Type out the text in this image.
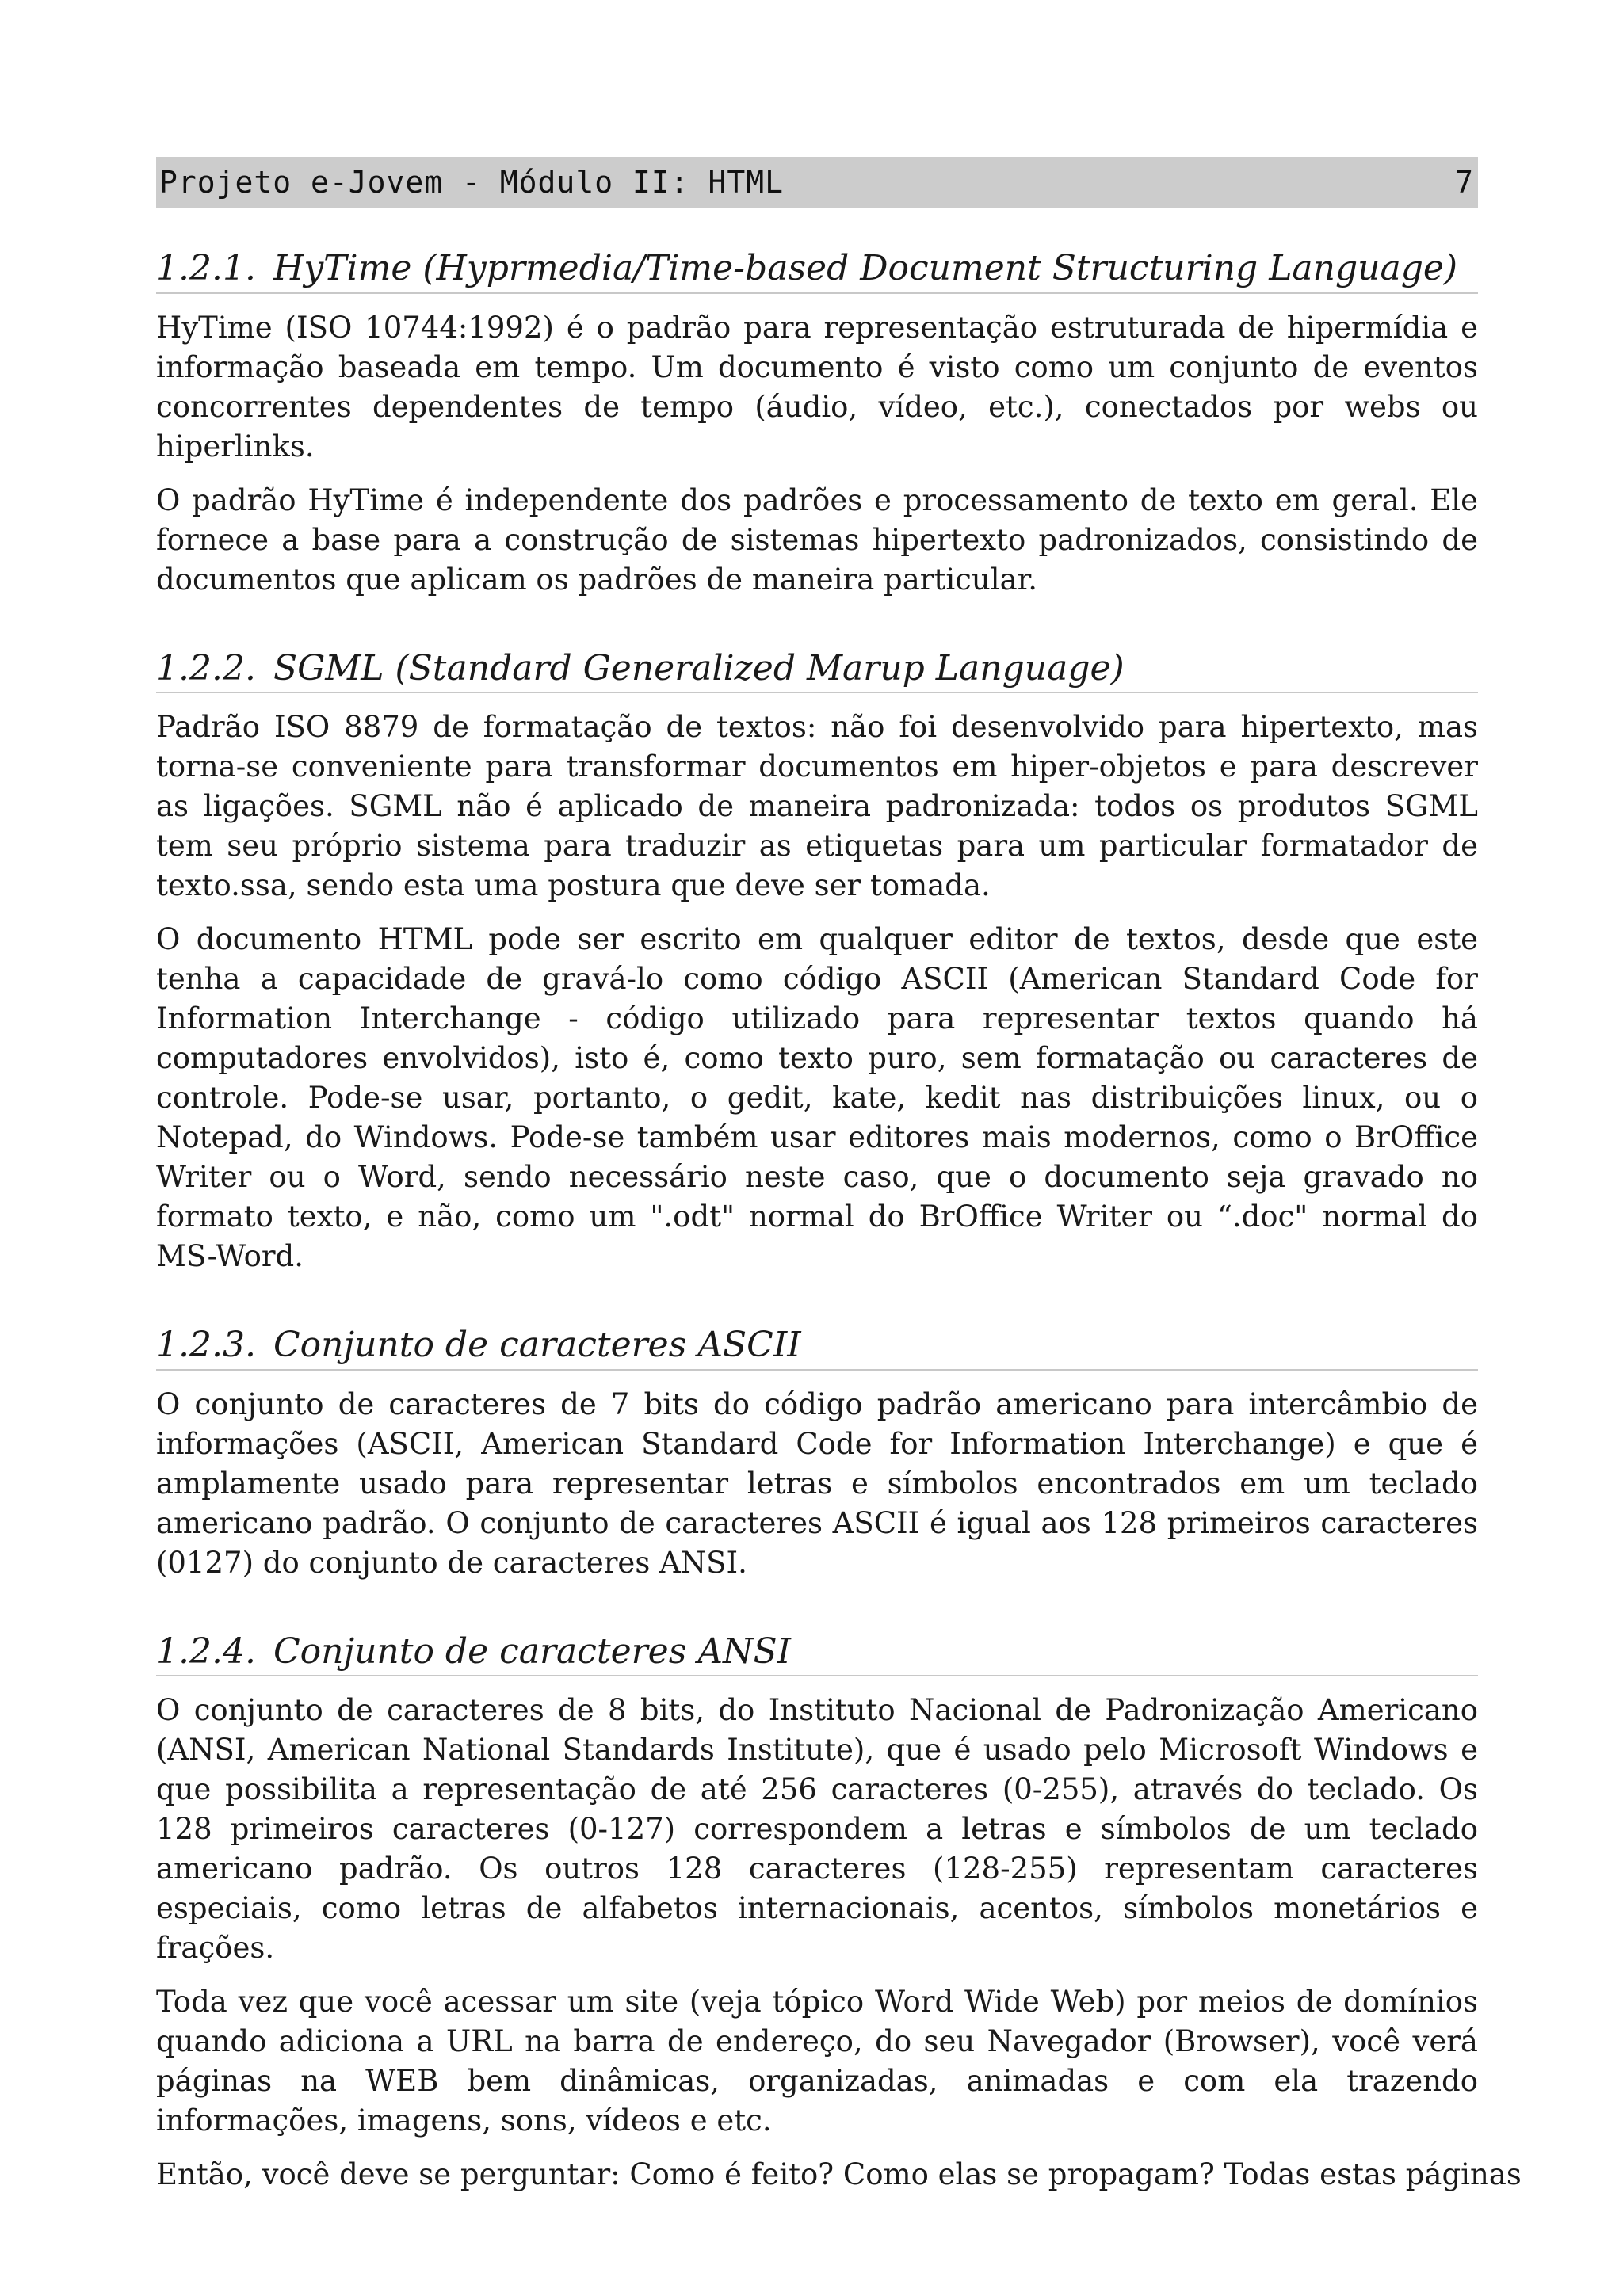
Projeto e-Jovem - Módulo II: HTML	7
1.2.1. HyTime (Hyprmedia/Time-based Document Structuring Language)

HyTime (ISO 10744:1992) é o padrão para representação estruturada de hipermídia e informação baseada em tempo. Um documento é visto como um conjunto de eventos concorrentes dependentes de tempo (áudio, vídeo, etc.), conectados por webs ou hiperlinks.

O padrão HyTime é independente dos padrões e processamento de texto em geral. Ele fornece a base para a construção de sistemas hipertexto padronizados, consistindo de documentos que aplicam os padrões de maneira particular.

1.2.2. SGML (Standard Generalized Marup Language)

Padrão ISO 8879 de formatação de textos: não foi desenvolvido para hipertexto, mas torna-se conveniente para transformar documentos em hiper-objetos e para descrever as ligações. SGML não é aplicado de maneira padronizada: todos os produtos SGML tem seu próprio sistema para traduzir as etiquetas para um particular formatador de texto.ssa, sendo esta uma postura que deve ser tomada.

O documento HTML pode ser escrito em qualquer editor de textos, desde que este tenha a capacidade de gravá-lo como código ASCII (American Standard Code for Information Interchange - código utilizado para representar textos quando há computadores envolvidos), isto é, como texto puro, sem formatação ou caracteres de controle. Pode-se usar, portanto, o gedit, kate, kedit nas distribuições linux, ou o Notepad, do Windows. Pode-se também usar editores mais modernos, como o BrOffice Writer ou o Word, sendo necessário neste caso, que o documento seja gravado no formato texto, e não, como um ".odt" normal do BrOffice Writer ou “.doc" normal do MS-Word.

1.2.3. Conjunto de caracteres ASCII

O conjunto de caracteres de 7 bits do código padrão americano para intercâmbio de informações (ASCII, American Standard Code for Information Interchange) e que é amplamente usado para representar letras e símbolos encontrados em um teclado americano padrão. O conjunto de caracteres ASCII é igual aos 128 primeiros caracteres (0127) do conjunto de caracteres ANSI.

1.2.4. Conjunto de caracteres ANSI

O conjunto de caracteres de 8 bits, do Instituto Nacional de Padronização Americano (ANSI, American National Standards Institute), que é usado pelo Microsoft Windows e que possibilita a representação de até 256 caracteres (0-255), através do teclado. Os 128 primeiros caracteres (0-127) correspondem a letras e símbolos de um teclado americano padrão. Os outros 128 caracteres (128-255) representam caracteres especiais, como letras de alfabetos internacionais, acentos, símbolos monetários e frações.

Toda vez que você acessar um site (veja tópico Word Wide Web) por meios de domínios quando adiciona a URL na barra de endereço, do seu Navegador (Browser), você verá páginas na WEB bem dinâmicas, organizadas, animadas e com ela trazendo informações, imagens, sons, vídeos e etc.

Então, você deve se perguntar: Como é feito? Como elas se propagam? Todas estas páginas
